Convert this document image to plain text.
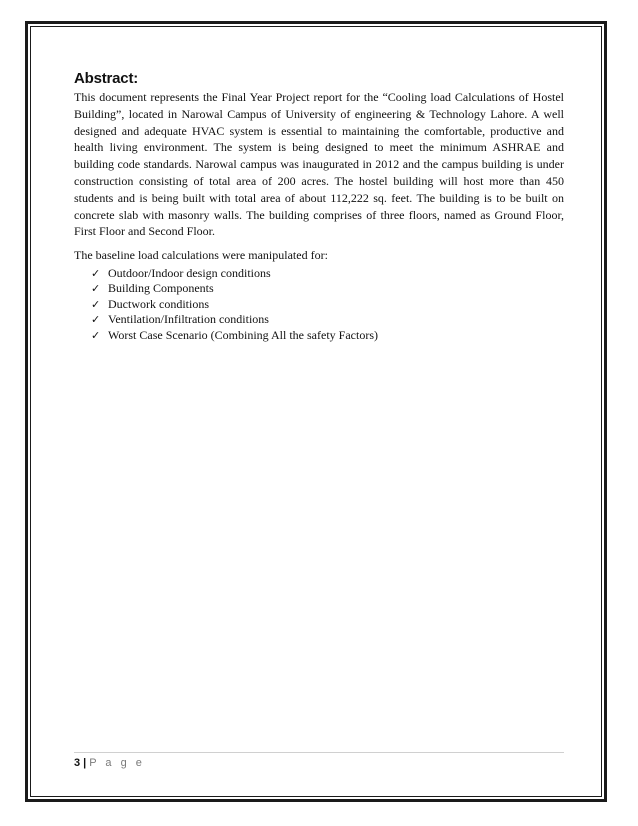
Abstract:

This document represents the Final Year Project report for the “Cooling load Calculations of Hostel Building”, located in Narowal Campus of University of engineering & Technology Lahore. A well designed and adequate HVAC system is essential to maintaining the comfortable, productive and health living environment. The system is being designed to meet the minimum ASHRAE and building code standards. Narowal campus was inaugurated in 2012 and the campus building is under construction consisting of total area of 200 acres. The hostel building will host more than 450 students and is being built with total area of about 112,222 sq. feet. The building is to be built on concrete slab with masonry walls. The building comprises of three floors, named as Ground Floor, First Floor and Second Floor.

The baseline load calculations were manipulated for:

✓ Outdoor/Indoor design conditions
✓ Building Components
✓ Ductwork conditions
✓ Ventilation/Infiltration conditions
✓ Worst Case Scenario (Combining All the safety Factors)
3 | P a g e
